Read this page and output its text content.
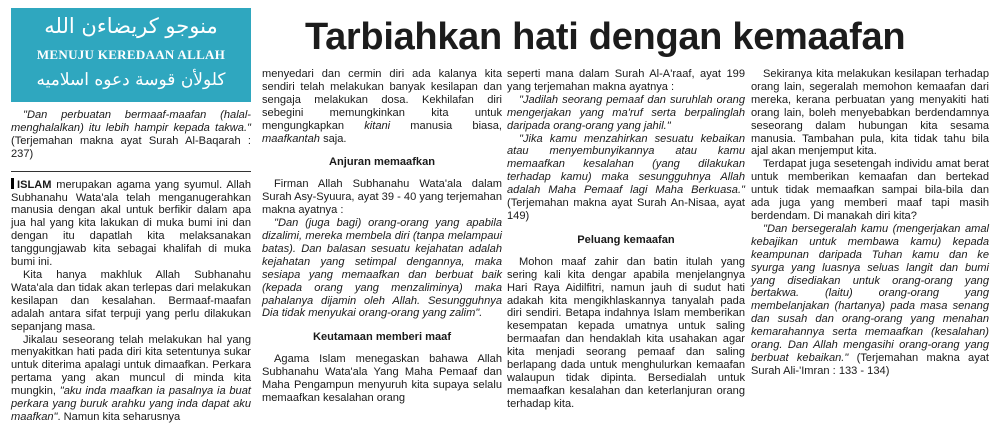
منوجو كريضاءن الله
MENUJU KEREDAAN ALLAH
كلولأن قوسة دعوه اسلاميه
Tarbiahkan hati dengan kemaafan

"Dan perbuatan bermaaf-maafan (halal-menghalalkan) itu lebih hampir kepada takwa." (Terjemahan makna ayat Surah Al-Baqarah : 237)

ISLAM merupakan agama yang syumul. Allah Subhanahu Wata'ala telah menganugerahkan manusia dengan akal untuk berfikir dalam apa jua hal yang kita lakukan di muka bumi ini dan dengan itu dapatlah kita melaksanakan tanggungjawab kita sebagai khalifah di muka bumi ini.

Kita hanya makhluk Allah Subhanahu Wata'ala dan tidak akan terlepas dari melakukan kesilapan dan kesalahan. Bermaaf-maafan adalah antara sifat terpuji yang perlu dilakukan sepanjang masa.

Jikalau seseorang telah melakukan hal yang menyakitkan hati pada diri kita setentunya sukar untuk diterima apalagi untuk dimaafkan. Perkara pertama yang akan muncul di minda kita mungkin, "aku inda maafkan ia pasalnya ia buat perkara yang buruk arahku yang inda dapat aku maafkan". Namun kita seharusnya

menyedari dan cermin diri ada kalanya kita sendiri telah melakukan banyak kesilapan dan sengaja melakukan dosa. Kekhilafan diri sebegini memungkinkan kita untuk mengungkapkan kitani manusia biasa, maafkantah saja.

Anjuran memaafkan

Firman Allah Subhanahu Wata'ala dalam Surah Asy-Syuura, ayat 39 - 40 yang terjemahan makna ayatnya :

"Dan (juga bagi) orang-orang yang apabila dizalimi, mereka membela diri (tanpa melampaui batas). Dan balasan sesuatu kejahatan adalah kejahatan yang setimpal dengannya, maka sesiapa yang memaafkan dan berbuat baik (kepada orang yang menzaliminya) maka pahalanya dijamin oleh Allah. Sesungguhnya Dia tidak menyukai orang-orang yang zalim".

Keutamaan memberi maaf

Agama Islam menegaskan bahawa Allah Subhanahu Wata'ala Yang Maha Pemaaf dan Maha Pengampun menyuruh kita supaya selalu memaafkan kesalahan orang

seperti mana dalam Surah Al-A'raaf, ayat 199 yang terjemahan makna ayatnya :

"Jadilah seorang pemaaf dan suruhlah orang mengerjakan yang ma'ruf serta berpalinglah daripada orang-orang yang jahil."

"Jika kamu menzahirkan sesuatu kebaikan atau menyembunyikannya atau kamu memaafkan kesalahan (yang dilakukan terhadap kamu) maka sesungguhnya Allah adalah Maha Pemaaf lagi Maha Berkuasa." (Terjemahan makna ayat Surah An-Nisaa, ayat 149)

Peluang kemaafan

Mohon maaf zahir dan batin itulah yang sering kali kita dengar apabila menjelangnya Hari Raya Aidilfitri, namun jauh di sudut hati adakah kita mengikhlaskannya tanyalah pada diri sendiri. Betapa indahnya Islam memberikan kesempatan kepada umatnya untuk saling bermaafan dan hendaklah kita usahakan agar kita menjadi seorang pemaaf dan saling berlapang dada untuk menghulurkan kemaafan walaupun tidak dipinta. Bersedialah untuk memaafkan kesalahan dan keterlanjuran orang terhadap kita.

Sekiranya kita melakukan kesilapan terhadap orang lain, segeralah memohon kemaafan dari mereka, kerana perbuatan yang menyakiti hati orang lain, boleh menyebabkan berdendamnya seseorang dalam hubungan kita sesama manusia. Tambahan pula, kita tidak tahu bila ajal akan menjemput kita.

Terdapat juga sesetengah individu amat berat untuk memberikan kemaafan dan bertekad untuk tidak memaafkan sampai bila-bila dan ada juga yang memberi maaf tapi masih berdendam. Di manakah diri kita?

"Dan bersegeralah kamu (mengerjakan amal kebajikan untuk membawa kamu) kepada keampunan daripada Tuhan kamu dan ke syurga yang luasnya seluas langit dan bumi yang disediakan untuk orang-orang yang bertakwa. (laitu) orang-orang yang membelanjakan (hartanya) pada masa senang dan susah dan orang-orang yang menahan kemarahannya serta memaafkan (kesalahan) orang. Dan Allah mengasihi orang-orang yang berbuat kebaikan." (Terjemahan makna ayat Surah Ali-'Imran : 133 - 134)
